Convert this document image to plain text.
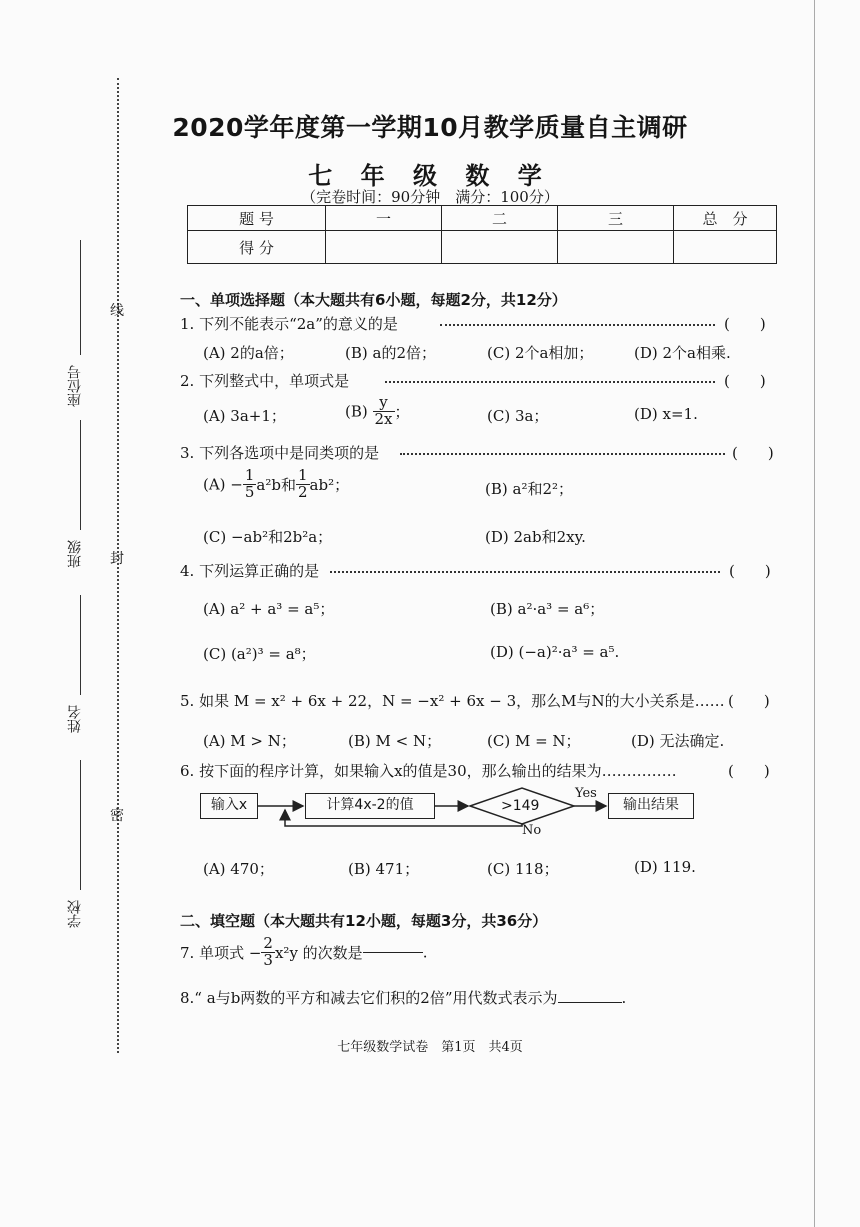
线
封
密
座位号
班级
姓名
学校
2020学年度第一学期10月教学质量自主调研
七 年 级 数 学
（完卷时间：90分钟　满分：100分）
题 号	一	二	三	总　分
得 分				
一、单项选择题（本大题共有6小题，每题2分，共12分）
1. 下列不能表示“2a”的意义的是	(　　)
(A) 2的a倍；	(B) a的2倍；	(C) 2个a相加；	(D) 2个a相乘.
2. 下列整式中，单项式是	(　　)
(A) 3a+1；	$(B) \frac{y}{2x}$ ；	(C) 3a；	(D) x=1.
3. 下列各选项中是同类项的是	(　　)
$(A) - \frac{1}{5} a^2b$和 $\frac{1}{2} ab^2$；	(B) a²和2²；
(C) −ab²和2b²a；	(D) 2ab和2xy.
4. 下列运算正确的是	(　　)
(A) a² + a³ = a⁵；	(B) a²·a³ = a⁶；
(C) (a²)³ = a⁸；	(D) (−a)²·a³ = a⁵.
5. 如果 M = x² + 6x + 22，N = −x² + 6x − 3，那么M与N的大小关系是…… (　　)
(A) M > N；	(B) M < N；	(C) M = N；	(D) 无法确定.
6. 按下面的程序计算，如果输入x的值是30，那么输出的结果为……………	(　　)
输入x	计算4x-2的值	输出结果
>149
Yes
No
(A) 470；	(B) 471；	(C) 118；	(D) 119.
二、填空题（本大题共有12小题，每题3分，共36分）
7. 单项式 − $\frac{2}{3} x^2y$ 的次数是	.
8.“ a与b两数的平方和减去它们积的2倍”用代数式表示为	.
七年级数学试卷　第1页　共4页
